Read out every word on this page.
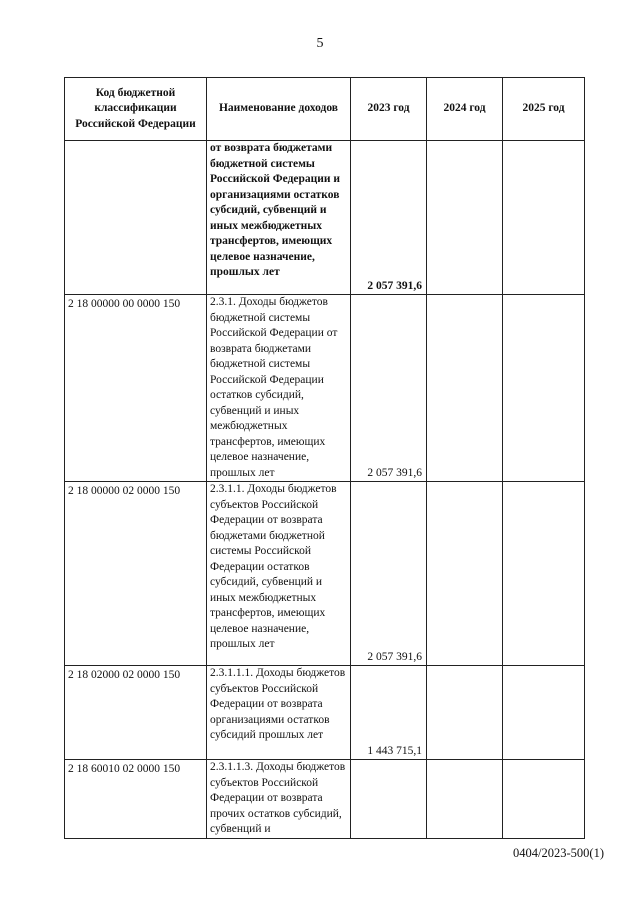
5
Код бюджетной классификации Российской Федерации	Наименование доходов	2023 год	2024 год	2025 год
	от возврата бюджетами бюджетной системы Российской Федерации и организациями остатков субсидий, субвенций и иных межбюджетных трансфертов, имеющих целевое назначение, прошлых лет	2 057 391,6		
2 18 00000 00 0000 150	2.3.1. Доходы бюджетов бюджетной системы Российской Федерации от возврата бюджетами бюджетной системы Российской Федерации остатков субсидий, субвенций и иных межбюджетных трансфертов, имеющих целевое назначение, прошлых лет	2 057 391,6		
2 18 00000 02 0000 150	2.3.1.1. Доходы бюджетов субъектов Российской Федерации от возврата бюджетами бюджетной системы Российской Федерации остатков субсидий, субвенций и иных межбюджетных трансфертов, имеющих целевое назначение, прошлых лет	2 057 391,6		
2 18 02000 02 0000 150	2.3.1.1.1. Доходы бюджетов субъектов Российской Федерации от возврата организациями остатков субсидий прошлых лет	1 443 715,1		
2 18 60010 02 0000 150	2.3.1.1.3. Доходы бюджетов субъектов Российской Федерации от возврата прочих остатков субсидий, субвенций и			
0404/2023-500(1)
